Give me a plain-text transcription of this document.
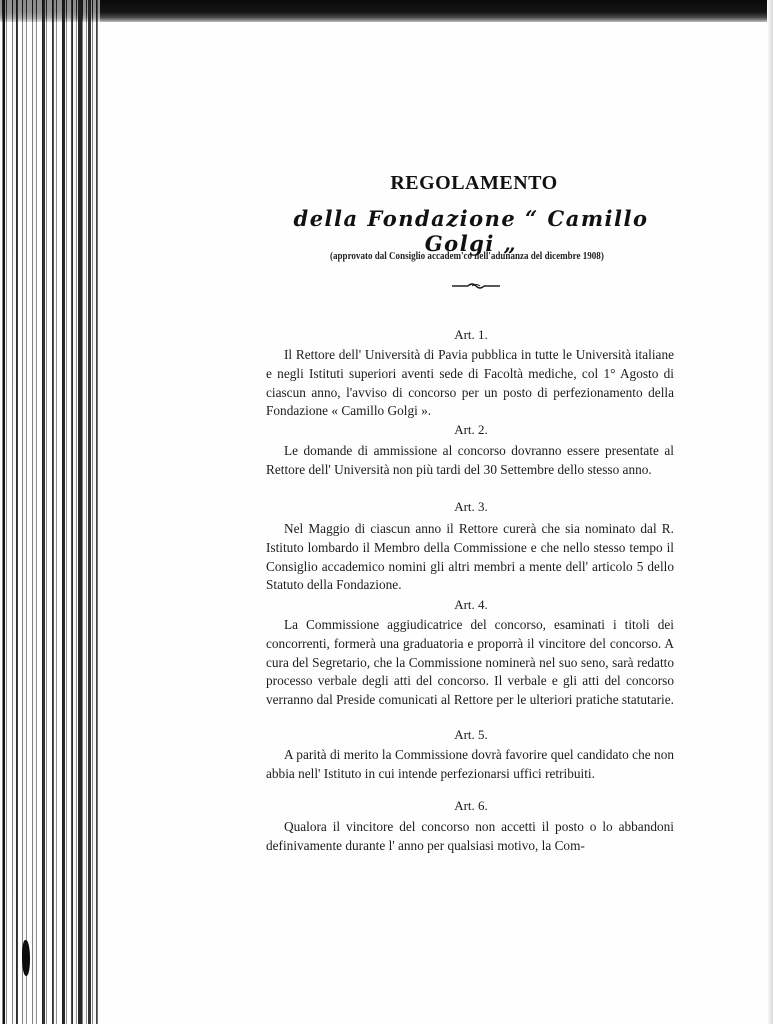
REGOLAMENTO
della Fondazione “ Camillo Golgi „
(approvato dal Consiglio accadem'co nell'adunanza del dicembre 1908)
Art. 1.

Il Rettore dell' Università di Pavia pubblica in tutte le Università italiane e negli Istituti superiori aventi sede di Facoltà mediche, col 1° Agosto di ciascun anno, l'avviso di concorso per un posto di perfezionamento della Fondazione « Camillo Golgi ».

Art. 2.

Le domande di ammissione al concorso dovranno essere presentate al Rettore dell' Università non più tardi del 30 Settembre dello stesso anno.

Art. 3.

Nel Maggio di ciascun anno il Rettore curerà che sia nominato dal R. Istituto lombardo il Membro della Commissione e che nello stesso tempo il Consiglio accademico nomini gli altri membri a mente dell' articolo 5 dello Statuto della Fondazione.

Art. 4.

La Commissione aggiudicatrice del concorso, esaminati i titoli dei concorrenti, formerà una graduatoria e proporrà il vincitore del concorso. A cura del Segretario, che la Commissione nominerà nel suo seno, sarà redatto processo verbale degli atti del concorso. Il verbale e gli atti del concorso verranno dal Preside comunicati al Rettore per le ulteriori pratiche statutarie.

Art. 5.

A parità di merito la Commissione dovrà favorire quel candidato che non abbia nell' Istituto in cui intende perfezionarsi uffici retribuiti.

Art. 6.

Qualora il vincitore del concorso non accetti il posto o lo abbandoni definivamente durante l' anno per qualsiasi motivo, la Com-
